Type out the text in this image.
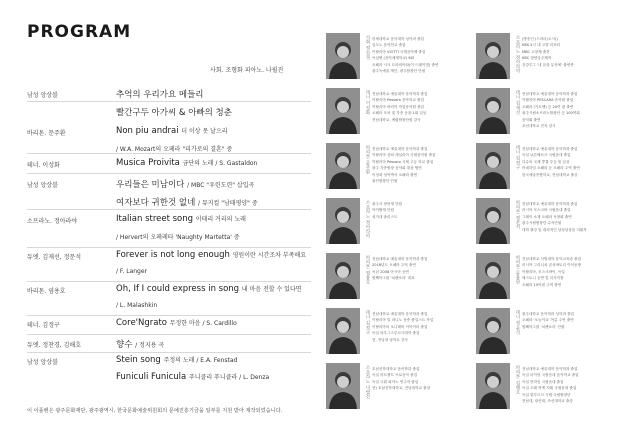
PROGRAM
사회. 조형화 피아노. 나필진
남성 앙상블	추억의 우리가요 메들리
빨간구두 아가씨 & 아빠의 청춘
바리톤. 문주환	Non piu andrai 더 이상 못 날으리
/ W.A. Mozart의 오페라 "피가로의 결혼" 중
테너. 이성화	Musica Proivita 금단의 노래 / S. Gastaldon
남성 앙상블	우리들은 미남이다 / MBC "우린도련" 삽입곡
여자보다 귀한것 없네 / 뮤지컬 "남태평양" 중
소프라노. 정아라야	Italian street song 이태리 거리의 노래
/ Hervert의 오페레타 'Naughty Martetta' 중
듀엣. 김재선, 정문석	Forever is not long enough 영원이란 시간조차 부족해요
/ F. Langer
바리톤. 염용호	Oh, If I could express in song 내 마음 전할 수 있다면
/ L. Malashkin
테너. 김정구	Core'Ngrato 무정한 마음 / S. Cardillo
듀엣. 정찬경, 김해호	향수 / 정지용 곡
남성 앙상블	Stein song 주정의 노래 / E.A. Fenstad
Funiculi Funicula 푸니클리 푸니클라 / L. Denza
이 이플벤은 광주문화재단, 광주광역시, 한국문화예술위원회의 문예진흥기금을 일부를 지원 받아 제작되었습니다.
사회 정찬경 한세대학교 음악대학 성악과 졸업
일도노 음악학교 졸업
이탈리아 VIOTTI 국제음악제 졸업
독일뮌 (음악예재학교) 6회
오페라 시크 트라비아타(이 드레이빗) 출연
광주녹예술 재단, 광주합창단 단원	소프라노 정아라야 (방송인 (드라마/오시))
KBS 5시 내 고향 리포터
MBC 고향제 출전
KBC 영양공주제작
건강투그 '내 꿈을 무석에' 출연중
테너 이성화 전남대학교 예술대학 음악학과 졸업
이탈리아 Pessaro 음악학교 졸업
이탈리아 바리아 작업음악원 졸업
오페라 모차 및 각종 공을 1회 입상
전남대학교, 예림합창단원 강사
테너 김재선 전남대학교 예술대학 음악학과 졸업
이탈리아 PESCARA 음악원 졸업
오페라 (카르멘) 등 20여 편 출연
광주시립소프라노합창단 등 100여회
음악회 출연
조선대학교 전자 강사
바리톤 문주환 전남대학교 예술대학 음악학과 졸업
이탈리아 상타 세실리아 국립음악원 졸업
이탈리아 Pessaro 국제 고등 학교 졸업
광주 각종합창 음악회 대상 협연
이성화 성악박사 오페라 출연
광산합창단 단원
테너 김정구 전남대학교 예술대학 음악학과 졸업
독일 뉘른베르크 국립음대 졸업
다수의 국제 콩쿨 우승 및 입상
아네하임 오페라 등 오페라 주역 출연
한국예술종합학교, 전남대학교 출강
소프라노 정아라야 광주사 장닷재 단원
아이팝재 단원
성가대 솔리스트	바리톤 정문석 전남대학교 예술대학 음악학과 졸업
러시아 모스크바 국립음대 졸업
그레이 소재 오페라 독창회 출연
광주시립합창단 수석단원
대학 출강 및 대외적인 남성앙상블 지휘자
바리톤 염용호 전남대학교 예술대학 음악학과 졸업
2018년도 오페라 주역 출연
독년 2008 아시아 공연
합째아그룹 '치켄소리' 대표	바리톤 문용한 전남대학교 사범대학 음악교육과 졸업
러시아 그리니치 콘서바토리 이석동방
이탈리아, 모스크바이, 독일
에스토니 공연 및 리사이틀
오페라 10여편 주역 출연
테너 김정구 전남대학교 예술대학 음악학과 졸업
이탈리아 밀 라니노 음중 졸업스트 작업
이탈리아의 오니테비 이아이티 졸업
독일 파우그스부르크대학 졸업
현, 전남대 남학로 강사
테너 정문석 광주대학교 음악학과 성악과 졸업
오페라 '오늘이요' 여름 주연 출연
합째아그룹 '치켄소리' 단원
소프라노 나필진 호남신학대학교 음악학과 졸업
독일 비르젠트 프로음악 졸업
독일 국뷔 피아노 연주자 졸업
현) 호남신학대학교, 전남대학교 출강	바리톤 김해호 전남대학교 예술대학 음악학과 졸업
독일 마이엉 국립음대 음악학교 졸업
독일 만하임 국립음대 졸업
독일 도레 아케 지휘 국립음대 졸업
독일 함부르크 시립 국립합창단
전남대, 광산대, 조선대학교 출강
